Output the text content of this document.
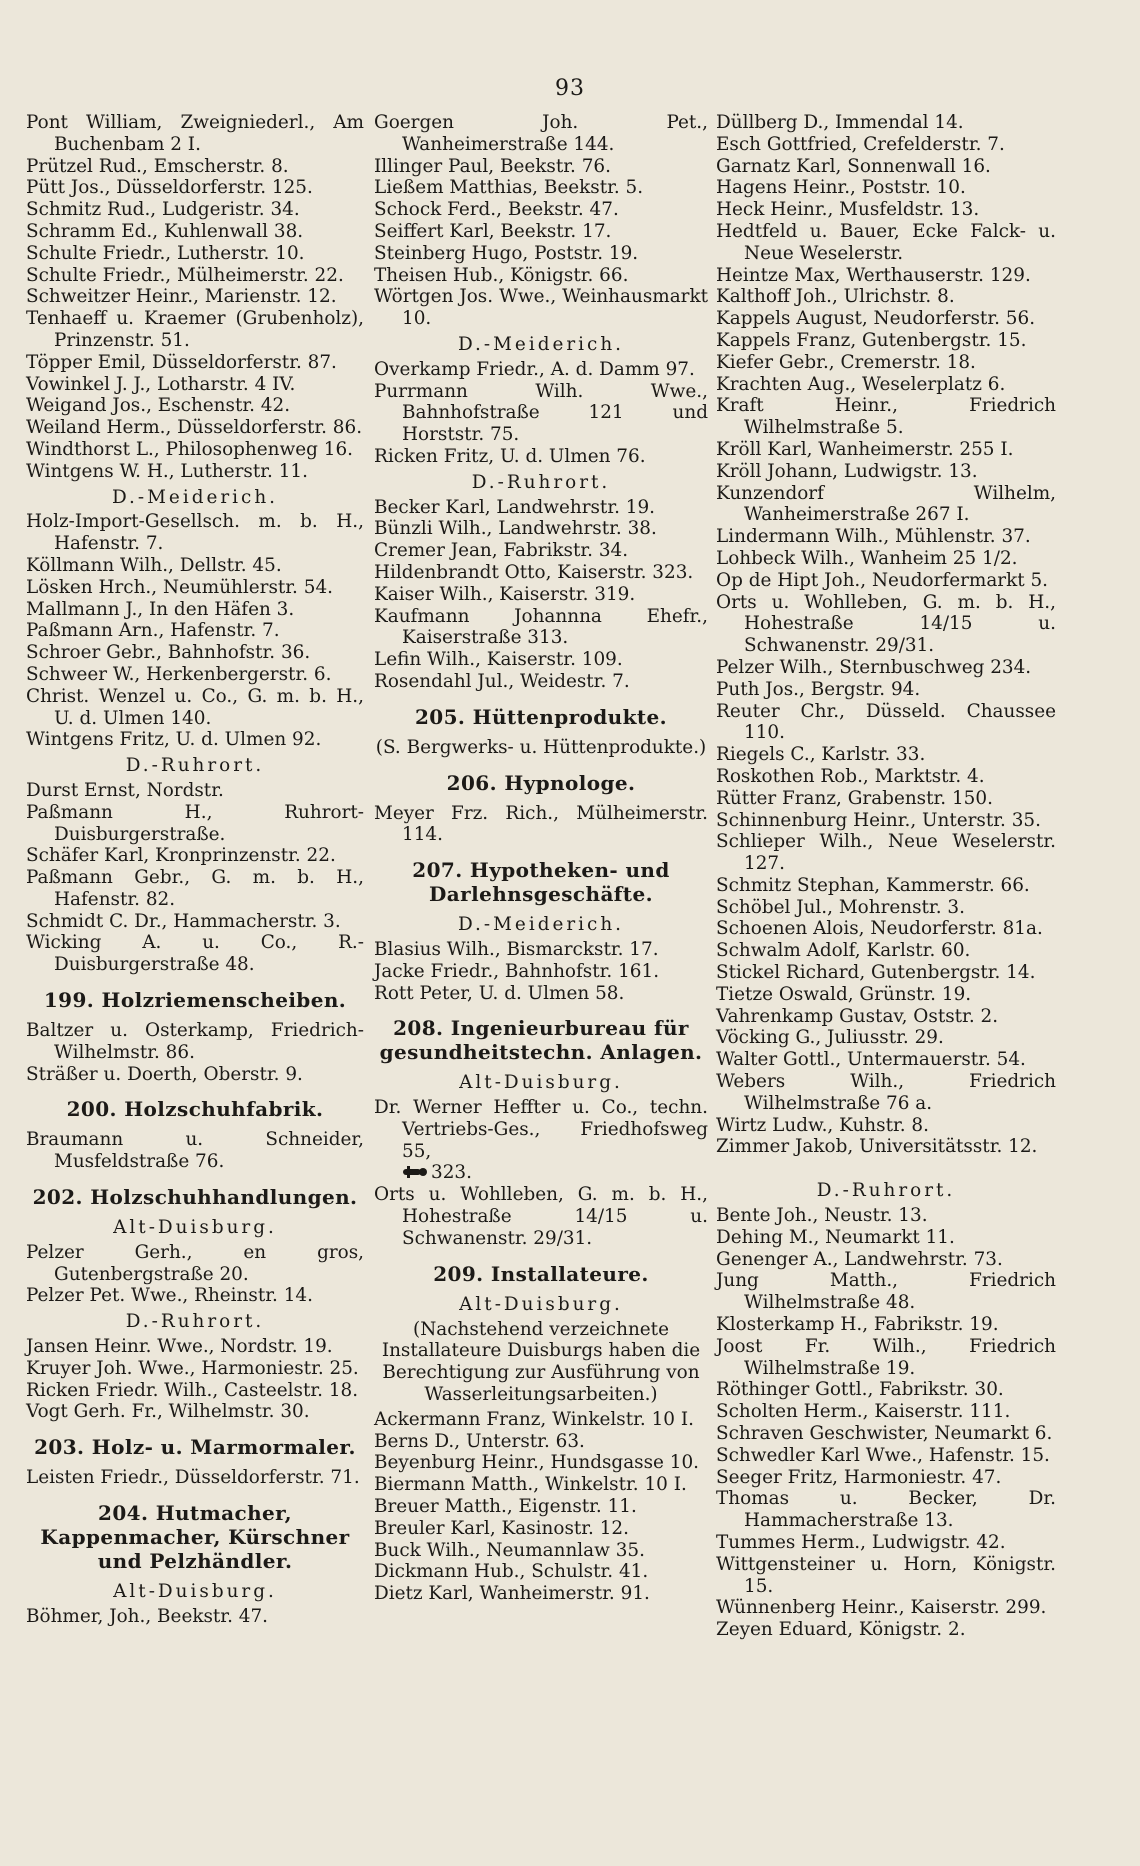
93
Pont William, Zweigniederl., Am Buchenbam 2 I.
Prützel Rud., Emscherstr. 8.
Pütt Jos., Düsseldorferstr. 125.
Schmitz Rud., Ludgeristr. 34.
Schramm Ed., Kuhlenwall 38.
Schulte Friedr., Lutherstr. 10.
Schulte Friedr., Mülheimerstr. 22.
Schweitzer Heinr., Marienstr. 12.
Tenhaeff u. Kraemer (Grubenholz), Prinzenstr. 51.
Töpper Emil, Düsseldorferstr. 87.
Vowinkel J. J., Lotharstr. 4 IV.
Weigand Jos., Eschenstr. 42.
Weiland Herm., Düsseldorferstr. 86.
Windthorst L., Philosophenweg 16.
Wintgens W. H., Lutherstr. 11.
D.-Meiderich.
Holz-Import-Gesellsch. m. b. H., Hafenstr. 7.
Köllmann Wilh., Dellstr. 45.
Lösken Hrch., Neumühlerstr. 54.
Mallmann J., In den Häfen 3.
Paßmann Arn., Hafenstr. 7.
Schroer Gebr., Bahnhofstr. 36.
Schweer W., Herkenbergerstr. 6.
Christ. Wenzel u. Co., G. m. b. H., U. d. Ulmen 140.
Wintgens Fritz, U. d. Ulmen 92.
D.-Ruhrort.
Durst Ernst, Nordstr.
Paßmann H., Ruhrort-Duisburgerstraße.
Schäfer Karl, Kronprinzenstr. 22.
Paßmann Gebr., G. m. b. H., Hafenstr. 82.
Schmidt C. Dr., Hammacherstr. 3.
Wicking A. u. Co., R.-Duisburgerstraße 48.
199. Holzriemenscheiben.
Baltzer u. Osterkamp, Friedrich-Wilhelmstr. 86.
Sträßer u. Doerth, Oberstr. 9.
200. Holzschuhfabrik.
Braumann u. Schneider, Musfeldstraße 76.
202. Holzschuhhandlungen.
Alt-Duisburg.
Pelzer Gerh., en gros, Gutenbergstraße 20.
Pelzer Pet. Wwe., Rheinstr. 14.
D.-Ruhrort.
Jansen Heinr. Wwe., Nordstr. 19.
Kruyer Joh. Wwe., Harmoniestr. 25.
Ricken Friedr. Wilh., Casteelstr. 18.
Vogt Gerh. Fr., Wilhelmstr. 30.
203. Holz- u. Marmormaler.
Leisten Friedr., Düsseldorferstr. 71.
204. Hutmacher, Kappenmacher, Kürschner und Pelzhändler.
Alt-Duisburg.
Böhmer, Joh., Beekstr. 47.
Goergen Joh. Pet., Wanheimerstraße 144.
Illinger Paul, Beekstr. 76.
Ließem Matthias, Beekstr. 5.
Schock Ferd., Beekstr. 47.
Seiffert Karl, Beekstr. 17.
Steinberg Hugo, Poststr. 19.
Theisen Hub., Königstr. 66.
Wörtgen Jos. Wwe., Weinhausmarkt 10.
D.-Meiderich.
Overkamp Friedr., A. d. Damm 97.
Purrmann Wilh. Wwe., Bahnhofstraße 121 und Horststr. 75.
Ricken Fritz, U. d. Ulmen 76.
D.-Ruhrort.
Becker Karl, Landwehrstr. 19.
Bünzli Wilh., Landwehrstr. 38.
Cremer Jean, Fabrikstr. 34.
Hildenbrandt Otto, Kaiserstr. 323.
Kaiser Wilh., Kaiserstr. 319.
Kaufmann Johannna Ehefr., Kaiserstraße 313.
Lefin Wilh., Kaiserstr. 109.
Rosendahl Jul., Weidestr. 7.
205. Hüttenprodukte.
(S. Bergwerks- u. Hüttenprodukte.)
206. Hypnologe.
Meyer Frz. Rich., Mülheimerstr. 114.
207. Hypotheken- und Darlehnsgeschäfte.
D.-Meiderich.
Blasius Wilh., Bismarckstr. 17.
Jacke Friedr., Bahnhofstr. 161.
Rott Peter, U. d. Ulmen 58.
208. Ingenieurbureau für gesundheitstechn. Anlagen.
Alt-Duisburg.
Dr. Werner Heffter u. Co., techn. Vertriebs-Ges., Friedhofsweg 55,
323.
Orts u. Wohlleben, G. m. b. H., Hohestraße 14/15 u. Schwanenstr. 29/31.
209. Installateure.
Alt-Duisburg.
(Nachstehend verzeichnete Installateure Duisburgs haben die Berechtigung zur Ausführung von Wasserleitungsarbeiten.)
Ackermann Franz, Winkelstr. 10 I.
Berns D., Unterstr. 63.
Beyenburg Heinr., Hundsgasse 10.
Biermann Matth., Winkelstr. 10 I.
Breuer Matth., Eigenstr. 11.
Breuler Karl, Kasinostr. 12.
Buck Wilh., Neumannlaw 35.
Dickmann Hub., Schulstr. 41.
Dietz Karl, Wanheimerstr. 91.
Düllberg D., Immendal 14.
Esch Gottfried, Crefelderstr. 7.
Garnatz Karl, Sonnenwall 16.
Hagens Heinr., Poststr. 10.
Heck Heinr., Musfeldstr. 13.
Hedtfeld u. Bauer, Ecke Falck- u. Neue Weselerstr.
Heintze Max, Werthauserstr. 129.
Kalthoff Joh., Ulrichstr. 8.
Kappels August, Neudorferstr. 56.
Kappels Franz, Gutenbergstr. 15.
Kiefer Gebr., Cremerstr. 18.
Krachten Aug., Weselerplatz 6.
Kraft Heinr., Friedrich Wilhelmstraße 5.
Kröll Karl, Wanheimerstr. 255 I.
Kröll Johann, Ludwigstr. 13.
Kunzendorf Wilhelm, Wanheimerstraße 267 I.
Lindermann Wilh., Mühlenstr. 37.
Lohbeck Wilh., Wanheim 25 1/2.
Op de Hipt Joh., Neudorfermarkt 5.
Orts u. Wohlleben, G. m. b. H., Hohestraße 14/15 u. Schwanenstr. 29/31.
Pelzer Wilh., Sternbuschweg 234.
Puth Jos., Bergstr. 94.
Reuter Chr., Düsseld. Chaussee 110.
Riegels C., Karlstr. 33.
Roskothen Rob., Marktstr. 4.
Rütter Franz, Grabenstr. 150.
Schinnenburg Heinr., Unterstr. 35.
Schlieper Wilh., Neue Weselerstr. 127.
Schmitz Stephan, Kammerstr. 66.
Schöbel Jul., Mohrenstr. 3.
Schoenen Alois, Neudorferstr. 81a.
Schwalm Adolf, Karlstr. 60.
Stickel Richard, Gutenbergstr. 14.
Tietze Oswald, Grünstr. 19.
Vahrenkamp Gustav, Oststr. 2.
Vöcking G., Juliusstr. 29.
Walter Gottl., Untermauerstr. 54.
Webers Wilh., Friedrich Wilhelmstraße 76 a.
Wirtz Ludw., Kuhstr. 8.
Zimmer Jakob, Universitätsstr. 12.
D.-Ruhrort.
Bente Joh., Neustr. 13.
Dehing M., Neumarkt 11.
Genenger A., Landwehrstr. 73.
Jung Matth., Friedrich Wilhelmstraße 48.
Klosterkamp H., Fabrikstr. 19.
Joost Fr. Wilh., Friedrich Wilhelmstraße 19.
Röthinger Gottl., Fabrikstr. 30.
Scholten Herm., Kaiserstr. 111.
Schraven Geschwister, Neumarkt 6.
Schwedler Karl Wwe., Hafenstr. 15.
Seeger Fritz, Harmoniestr. 47.
Thomas u. Becker, Dr. Hammacherstraße 13.
Tummes Herm., Ludwigstr. 42.
Wittgensteiner u. Horn, Königstr. 15.
Wünnenberg Heinr., Kaiserstr. 299.
Zeyen Eduard, Königstr. 2.
